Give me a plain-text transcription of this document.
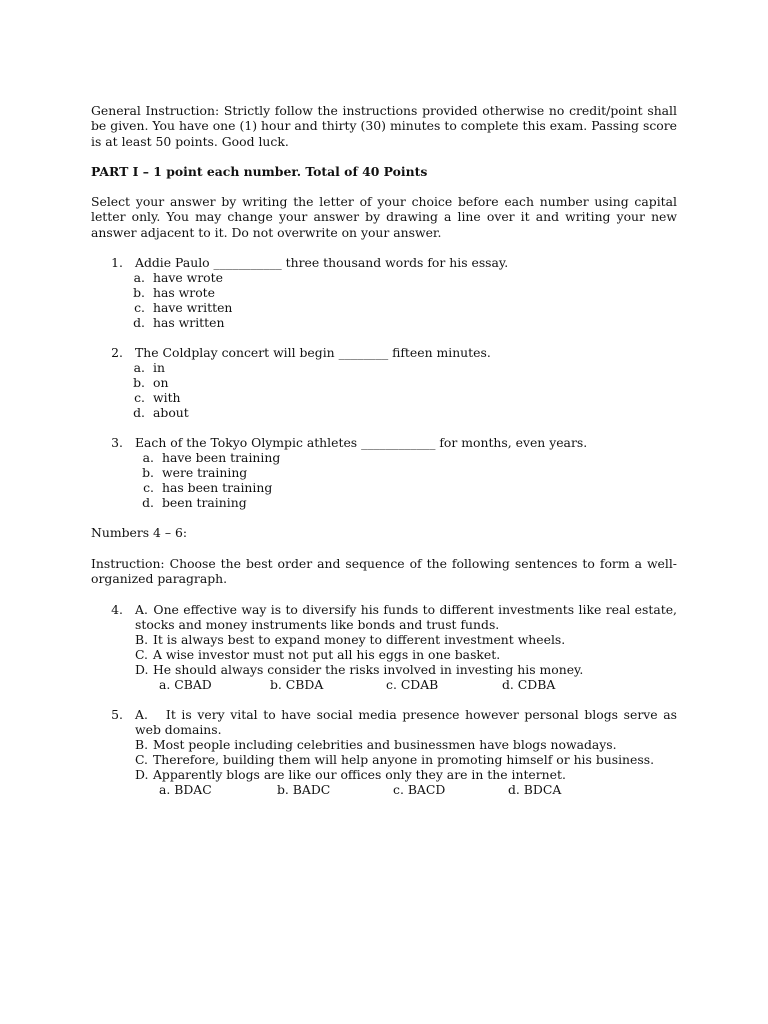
General Instruction: Strictly follow the instructions provided otherwise no credit/point shall be given. You have one (1) hour and thirty (30) minutes to complete this exam. Passing score is at least 50 points. Good luck.

PART I – 1 point each number. Total of 40 Points

Select your answer by writing the letter of your choice before each number using capital letter only. You may change your answer by drawing a line over it and writing your new answer adjacent to it. Do not overwrite on your answer.

1. Addie Paulo ___________ three thousand words for his essay.
a. have wrote
b. has wrote
c. have written
d. has written
2. The Coldplay concert will begin ________ fifteen minutes.
a. in
b. on
c. with
d. about
3. Each of the Tokyo Olympic athletes ____________ for months, even years.
a. have been training
b. were training
c. has been training
d. been training

Numbers 4 – 6:

Instruction: Choose the best order and sequence of the following sentences to form a well-organized paragraph.

4. A. One effective way is to diversify his funds to different investments like real estate, stocks and money instruments like bonds and trust funds.
B. It is always best to expand money to different investment wheels.
C. A wise investor must not put all his eggs in one basket.
D. He should always consider the risks involved in investing his money.
a. CBAD	b. CBDA	c. CDAB	d. CDBA
5. A. It is very vital to have social media presence however personal blogs serve as web domains.
B. Most people including celebrities and businessmen have blogs nowadays.
C. Therefore, building them will help anyone in promoting himself or his business.
D. Apparently blogs are like our offices only they are in the internet.
a. BDAC	b. BADC	c. BACD	d. BDCA
